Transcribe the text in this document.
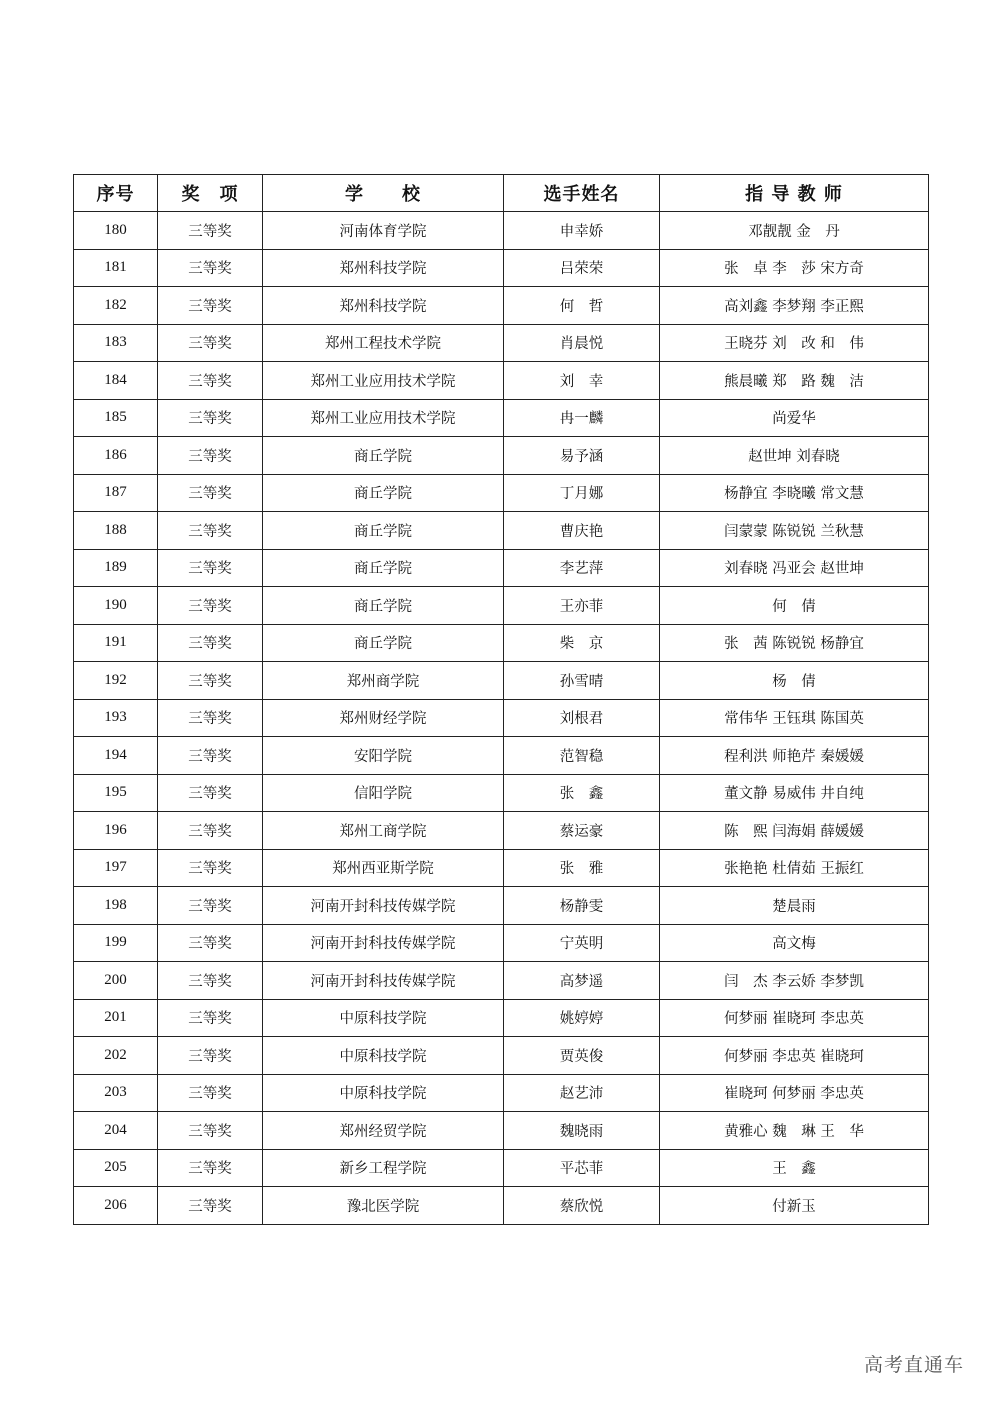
序号	奖　项	学　　校	选手姓名	指 导 教 师
180	三等奖	河南体育学院	申幸娇	邓靓靓 金　丹
181	三等奖	郑州科技学院	吕荣荣	张　卓 李　莎 宋方奇
182	三等奖	郑州科技学院	何　哲	高刘鑫 李梦翔 李正熙
183	三等奖	郑州工程技术学院	肖晨悦	王晓芬 刘　改 和　伟
184	三等奖	郑州工业应用技术学院	刘　幸	熊晨曦 郑　路 魏　洁
185	三等奖	郑州工业应用技术学院	冉一麟	尚爱华
186	三等奖	商丘学院	易予涵	赵世坤 刘春晓
187	三等奖	商丘学院	丁月娜	杨静宜 李晓曦 常文慧
188	三等奖	商丘学院	曹庆艳	闫蒙蒙 陈锐锐 兰秋慧
189	三等奖	商丘学院	李艺萍	刘春晓 冯亚会 赵世坤
190	三等奖	商丘学院	王亦菲	何　倩
191	三等奖	商丘学院	柴　京	张　茜 陈锐锐 杨静宜
192	三等奖	郑州商学院	孙雪晴	杨　倩
193	三等奖	郑州财经学院	刘根君	常伟华 王钰琪 陈国英
194	三等奖	安阳学院	范智稳	程利洪 师艳芹 秦媛媛
195	三等奖	信阳学院	张　鑫	董文静 易威伟 井自纯
196	三等奖	郑州工商学院	蔡运豪	陈　熙 闫海娟 薛媛媛
197	三等奖	郑州西亚斯学院	张　雅	张艳艳 杜倩茹 王振红
198	三等奖	河南开封科技传媒学院	杨静雯	楚晨雨
199	三等奖	河南开封科技传媒学院	宁英明	高文梅
200	三等奖	河南开封科技传媒学院	高梦遥	闫　杰 李云娇 李梦凯
201	三等奖	中原科技学院	姚婷婷	何梦丽 崔晓珂 李忠英
202	三等奖	中原科技学院	贾英俊	何梦丽 李忠英 崔晓珂
203	三等奖	中原科技学院	赵艺沛	崔晓珂 何梦丽 李忠英
204	三等奖	郑州经贸学院	魏晓雨	黄雅心 魏　琳 王　华
205	三等奖	新乡工程学院	平芯菲	王　鑫
206	三等奖	豫北医学院	蔡欣悦	付新玉
高考直通车
